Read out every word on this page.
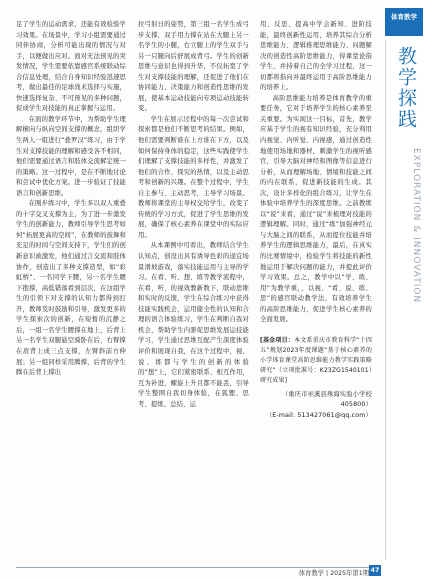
足了学生的运动需求，还能有效检验学习效果。在场景中，学习小组需要通过同伴协商，分析可能出现的情况与对手，以便做出应对。面对无法预见的突发情况，学生需要依靠感官系统联动综合信息处理，结合自身知识经验迅速思考，做出最佳的足球战术选择与实施，快速选择复杂、不可预见的多种问题，促成学生对技能的真正掌握与运用。

在面的教学环节中，为帮助学生理解横向与纵向空间支撑的概念，组织学生两人一组进行“叠罗汉”练习，由于学生对支撑技能的理解和感受各不相同，他们需要通过语言和肢体交流解定统一的策略。这一过程中，是在不断地讨论和尝试中优化方案。进一步验证了技能语言和创新思维。

在刚步练习中，学生多以双人重叠的十字交叉支撑为主，为了进一步激发学生的创新能力，教师引导学生思考如何“拓展更高的空间”，在教师的鼓舞和充足的时间与空间支持下，学生们的创新意识被激发，他们通过言交流和肢体协作，创造出了多种支撑造型，如“彩虹桥”、一名同学下腰，另一名学生腰下抱撑，高低错落看到层次，在这组学生的引领下对支撑的认知力都得到打开，教师及时鼓励和引导，激发更多的学生探索次的创新，在短暂的沉静之后，一组一名学生腰撑在地上，后背上另一名学生双腿悬空骑卧在后，右臂撑在肩背上成三点支撑，左臂斜前方伸展；另一组同样采用腾撑，后背的学生腾在后背上撑出

拉弓射日的姿势，第三组一名学生成弓步支撑，双手用力撑在站在大腿上另一名学生的小腿，右立腿上的学生双手与另一只腿向后舒展成背弓。学生的创新思维与意识也得到升华，不仅拓宽了学生对支撑技能的理解，还促进了他们在协同能力、决策能力和创造性思维的发展，使基本运动技能向专项运动技能转变。

学生在展示过程中的每一次尝试和探索都是他们不断思考的结果。例如，他们需要判断谁在上方谁在下方，以及如何保持身体的稳定，这些实践使学生们理解了支撑技能的多样性，并激发了他们的合作、探究的热情，以及主动思考和创新的兴趣。在整个过程中，学生自主参与、主动思考，主导学习场景。教师将课堂的主导权交给学生，改变了传统的学习方式，促进了学生思维的发展，确保了核心素养在课堂中的实际应用。

从本课例中可看出，教师结合学生认知点，创设出具有诱导色彩的递宜场景滑坡游戏，落实技能运用与主导的学习。在看、听、想、练等教学流程中，在看、听、的视效教新数下，联动思维和实时的反馈，学生在综合练习中获得技能实践机会，运用健全性的认知和合理的语言体验练习，学生在判断自我对机会，帮助学生内驱促思维发展运技能学习，学生通过思维互配产生深度体验评价和展现自我，在这个过程中，视、说、练都与学生的创新的体验的“想”上，它们紧密联系、相互作用，互为补进，螺旋上升且都不能丢，引导学生整围自我切身体验，在狐狸、思考、提练、总结、运

用、反思、提高中学会新知、进阶技能，最终创新性运用，培养其综合分析思维能力、逻辑推理思维能力、问题解决的创造性高阶思维能力，得课堂论指学生、并持着自己的全学习过程，这一切都将指向并最终运用于高阶思维能力的培养上。

高阶思维能力培养是体育教学的重要任务，它对于培养学生的核心素养至关重要。为实现这一目标，首先，教学应基于学生的视有知识经验，充分利用内视觉、内听觉、内视感，通过创造性地使用场地和器材，刺激学生的视听感官，引导大脑对神经和图像等信息进行分析，从而理解场地、情境和技能之间的内在联系，促进新技能的生成。其次，设计多样化的组合练习，让学生在体验中培养学生的深度思维。之前教练以“说”来看，通过“说”来梳理对技能的逻辑理解。同时，通过“练”加强神经元与大脑之间的联系，从而提位技能并培养学生的逻辑思维能力，最后，在真实的比赛情境中，检验学生将技能的新性地运用于解决问题的能力，并提此评价学习效果。总之，教学中以“学、练、用”为教学重，，以视、“看、说、练、思”的感官联动教学法，有效培养学生的高阶思维能力，促进学生核心素养的全面发展。

[基金项目：本文系重庆市教育科学“十四五”规划2023年度课题“基于核心素养的小学体育课堂高阶思维能力教学实践策略研究”（立项批准号：K23ZG1540101）研究成果]
（重庆市巫溪县珠海实验小学校　405800）
（E-mail: 513427061@qq.com）
体育教学
教学探践
EXPLORATION & INNOVATION
体育教学 | 2025年第1期 47
